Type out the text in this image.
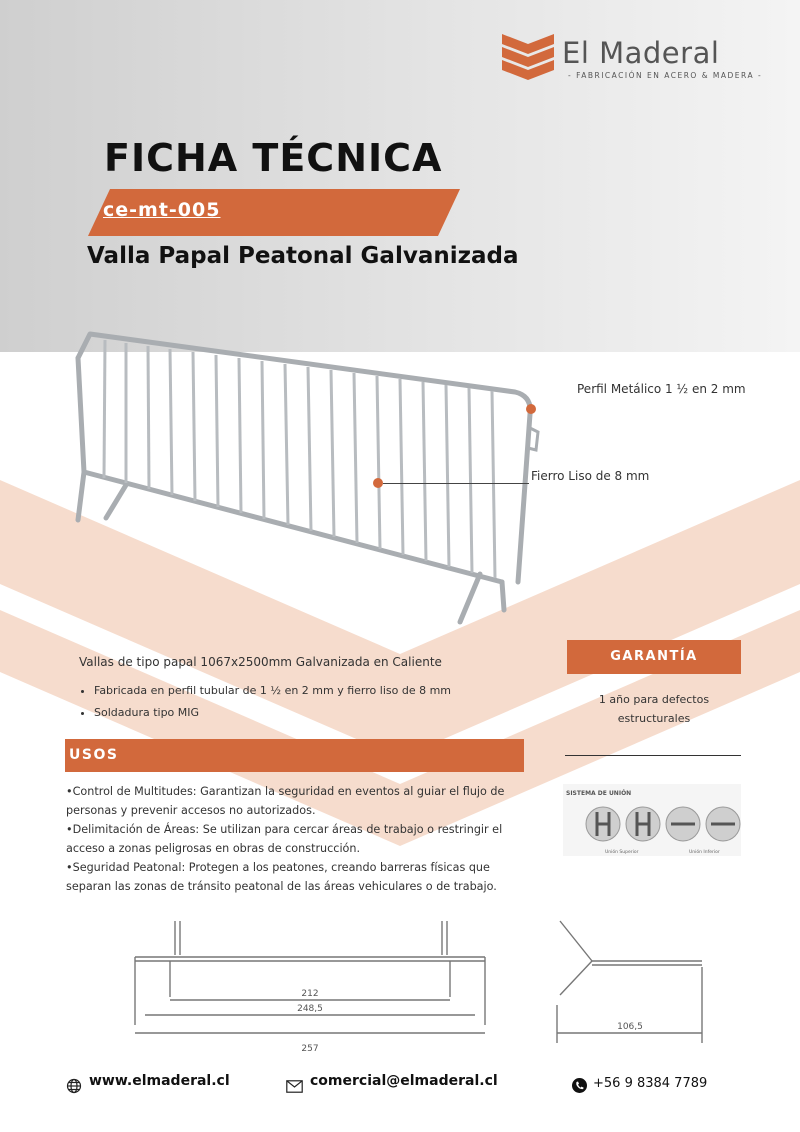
El Maderal
- FABRICACIÓN EN ACERO & MADERA -
FICHA TÉCNICA
ce-mt-005
Valla Papal Peatonal Galvanizada
Perfil Metálico 1 ½ en 2 mm
Fierro Liso de 8 mm
Vallas de tipo papal 1067x2500mm Galvanizada en Caliente
• Fabricada en perfil tubular de 1 ½ en 2 mm y fierro liso de 8 mm
• Soldadura tipo MIG
USOS

•Control de Multitudes: Garantizan la seguridad en eventos al guiar el flujo de personas y prevenir accesos no autorizados.

•Delimitación de Áreas: Se utilizan para cercar áreas de trabajo o restringir el acceso a zonas peligrosas en obras de construcción.

•Seguridad Peatonal: Protegen a los peatones, creando barreras físicas que separan las zonas de tránsito peatonal de las áreas vehiculares o de trabajo.

GARANTÍA
1 año para defectos estructurales
SISTEMA DE UNIÓN
Unión Superior	Unión Inferior
212
248,5
257
106,5
www.elmaderal.cl	comercial@elmaderal.cl	+56 9 8384 7789
